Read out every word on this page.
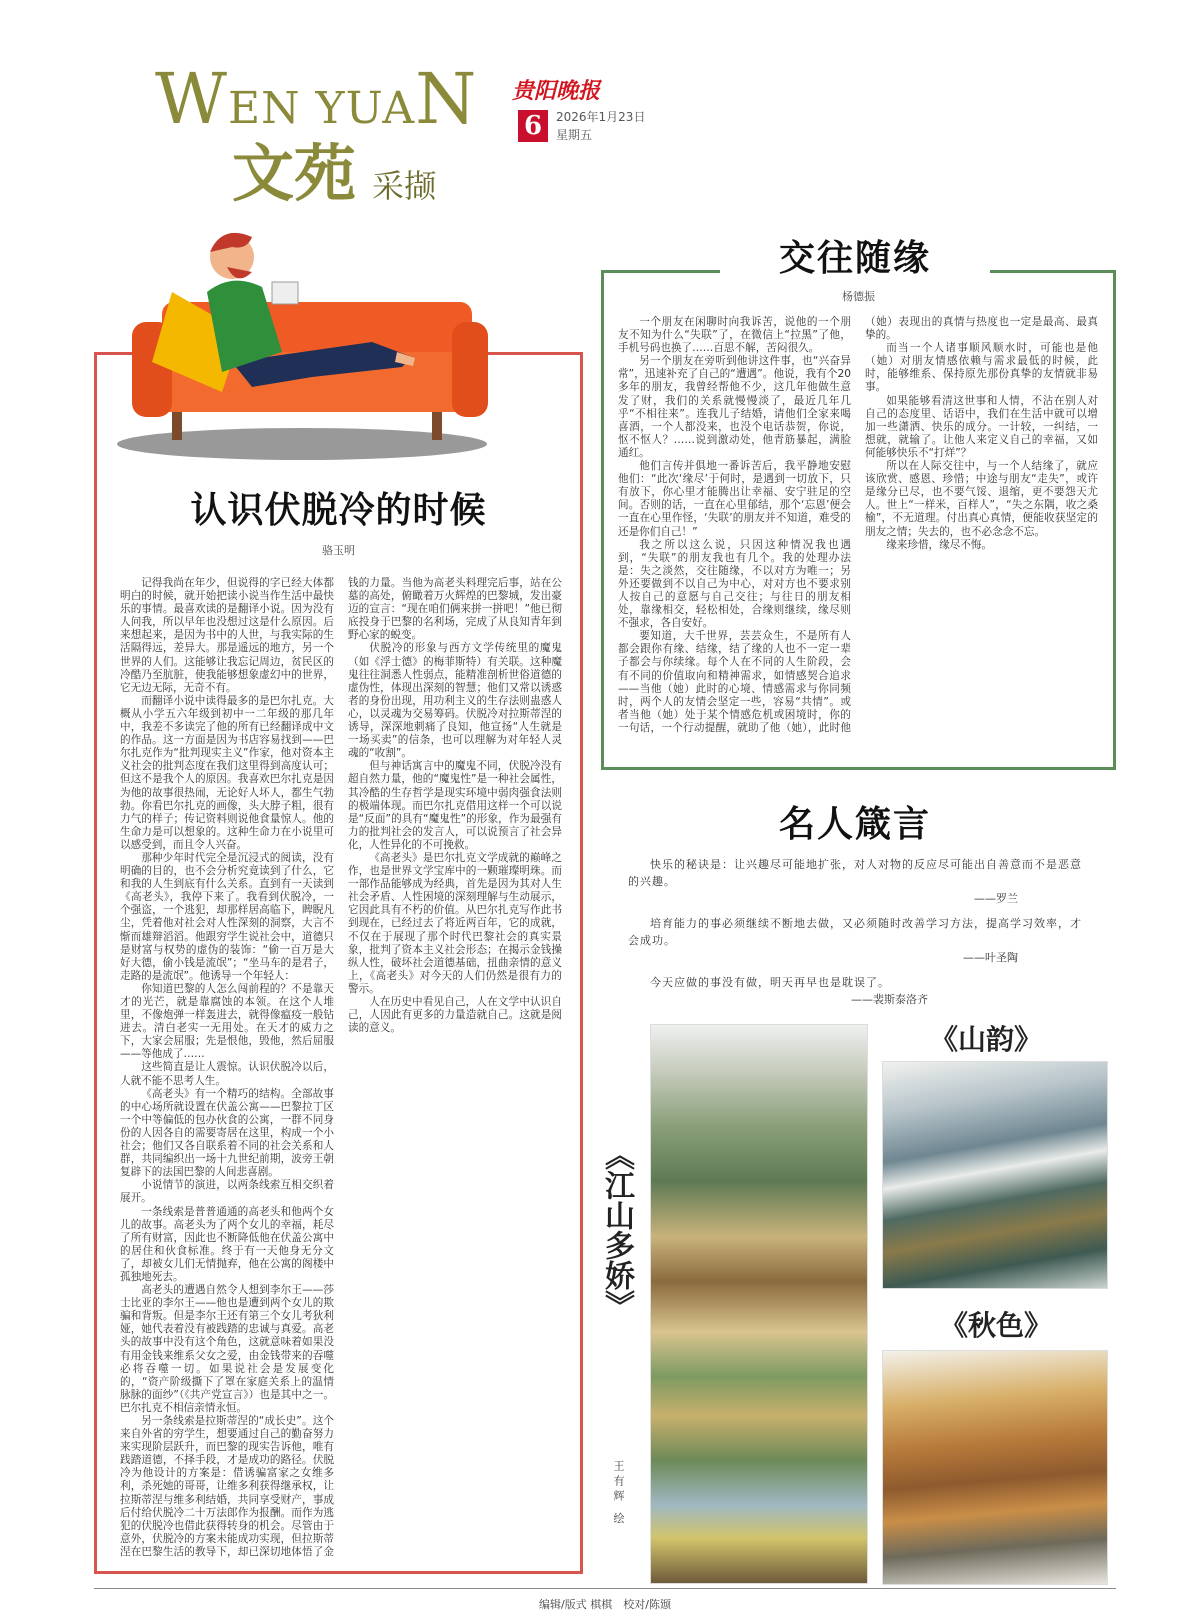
WEN YUAN
文苑 采撷
贵阳晚报
6	2026年1月23日
星期五
认识伏脱冷的时候
骆玉明

记得我尚在年少，但说得的字已经大体都明白的时候，就开始把读小说当作生活中最快乐的事情。最喜欢读的是翻译小说。因为没有人问我，所以早年也没想过这是什么原因。后来想起来，是因为书中的人世，与我实际的生活隔得远，差异大。那是遥远的地方，另一个世界的人们。这能够让我忘记周边，贫民区的冷酷乃至肮脏，使我能够想象虚幻中的世界，它无边无际，无奇不有。

而翻译小说中读得最多的是巴尔扎克。大概从小学五六年级到初中一二年级的那几年中，我差不多读完了他的所有已经翻译成中文的作品。这一方面是因为书店容易找到——巴尔扎克作为“批判现实主义”作家，他对资本主义社会的批判态度在我们这里得到高度认可；但这不是我个人的原因。我喜欢巴尔扎克是因为他的故事很热闹，无论好人坏人，都生气勃勃。你看巴尔扎克的画像，头大脖子粗，很有力气的样子；传记资料则说他食量惊人。他的生命力是可以想象的。这种生命力在小说里可以感受到，而且令人兴奋。

那种少年时代完全是沉浸式的阅读，没有明确的目的，也不会分析究竟读到了什么，它和我的人生到底有什么关系。直到有一天读到《高老头》，我停下来了。我看到伏脱冷，一个强盗，一个逃犯，却那样居高临下，睥睨凡尘，凭着他对社会对人性深刻的洞察，大言不惭而雄辩滔滔。他跟穷学生说社会中，道德只是财富与权势的虚伪的装饰：“偷一百万是大好大德，偷小钱是流氓”；“坐马车的是君子，走路的是流氓”。他诱导一个年轻人：

你知道巴黎的人怎么闯前程的？不是靠天才的光芒，就是靠腐蚀的本领。在这个人堆里，不像炮弹一样轰进去，就得像瘟疫一般钻进去。清白老实一无用处。在天才的威力之下，大家会屈服；先是恨他，毁他，然后屈服——等他成了……

这些简直是让人震惊。认识伏脱冷以后，人就不能不思考人生。

《高老头》有一个精巧的结构。全部故事的中心场所就设置在伏盖公寓——巴黎拉丁区一个中等偏低的包办伙食的公寓，一群不同身份的人因各自的需要寄居在这里，构成一个小社会；他们又各自联系着不同的社会关系和人群，共同编织出一场十九世纪前期，波旁王朝复辟下的法国巴黎的人间悲喜剧。

小说情节的演进，以两条线索互相交织着展开。

一条线索是普普通通的高老头和他两个女儿的故事。高老头为了两个女儿的幸福，耗尽了所有财富，因此也不断降低他在伏盖公寓中的居住和伙食标准。终于有一天他身无分文了，却被女儿们无情抛弃，他在公寓的阁楼中孤独地死去。

高老头的遭遇自然令人想到李尔王——莎士比亚的李尔王——他也是遭到两个女儿的欺骗和背叛。但是李尔王还有第三个女儿考狄利娅，她代表着没有被践踏的忠诚与真爱。高老头的故事中没有这个角色，这就意味着如果没有用金钱来维系父女之爱，由金钱带来的吞噬必将吞噬一切。如果说社会是发展变化的，“资产阶级撕下了罩在家庭关系上的温情脉脉的面纱”（《共产党宣言》）也是其中之一。巴尔扎克不相信亲情永恒。

另一条线索是拉斯蒂涅的“成长史”。这个来自外省的穷学生，想要通过自己的勤奋努力来实现阶层跃升，而巴黎的现实告诉他，唯有践踏道德，不择手段，才是成功的路径。伏脱冷为他设计的方案是：借诱骗富家之女维多利，杀死她的哥哥，让维多利获得继承权，让拉斯蒂涅与维多利结婚，共同享受财产，事成后付给伏脱冷二十万法郎作为报酬。而作为逃犯的伏脱冷也借此获得转身的机会。尽管由于意外，伏脱冷的方案未能成功实现，但拉斯蒂涅在巴黎生活的教导下，却已深切地体悟了金钱的力量。当他为高老头料理完后事，站在公墓的高处，俯瞰着万火辉煌的巴黎城，发出豪迈的宣言：“现在咱们俩来拼一拼吧！”他已彻底投身于巴黎的名利场，完成了从良知青年到野心家的蜕变。

伏脱冷的形象与西方文学传统里的魔鬼（如《浮士德》的梅菲斯特）有关联。这种魔鬼往往洞悉人性弱点，能精准剖析世俗道德的虚伪性，体现出深刻的智慧；他们又常以诱惑者的身份出现，用功利主义的生存法则蛊惑人心，以灵魂为交易筹码。伏脱冷对拉斯蒂涅的诱导，深深地刺痛了良知，他宣扬“人生就是一场买卖”的信条，也可以理解为对年轻人灵魂的“收割”。

但与神话寓言中的魔鬼不同，伏脱冷没有超自然力量，他的“魔鬼性”是一种社会属性，其冷酷的生存哲学是现实环境中弱肉强食法则的极端体现。而巴尔扎克借用这样一个可以说是“反面”的具有“魔鬼性”的形象，作为最强有力的批判社会的发言人，可以说预言了社会异化，人性异化的不可挽救。

《高老头》是巴尔扎克文学成就的巅峰之作，也是世界文学宝库中的一颗璀璨明珠。而一部作品能够成为经典，首先是因为其对人生社会矛盾、人性困境的深刻理解与生动展示，它因此具有不朽的价值。从巴尔扎克写作此书到现在，已经过去了将近两百年，它的成就，不仅在于展现了那个时代巴黎社会的真实景象，批判了资本主义社会形态；在揭示金钱操纵人性，破坏社会道德基础，扭曲亲情的意义上，《高老头》对今天的人们仍然是很有力的警示。

人在历史中看见自己，人在文学中认识自己，人因此有更多的力量造就自己。这就是阅读的意义。

交往随缘
杨德振

一个朋友在闲聊时向我诉苦，说他的一个朋友不知为什么“失联”了，在微信上“拉黑”了他，手机号码也换了……百思不解，苦闷很久。

另一个朋友在旁听到他讲这件事，也“兴奋异常”，迅速补充了自己的“遭遇”。他说，我有个20多年的朋友，我曾经帮他不少，这几年他做生意发了财，我们的关系就慢慢淡了，最近几年几乎“不相往来”。连我儿子结婚，请他们全家来喝喜酒，一个人都没来，也没个电话恭贺，你说，怄不怄人？……说到激动处，他青筋暴起，满脸通红。

他们言传并俱地一番诉苦后，我平静地安慰他们：“此次‘缘尽’于何时，是遇到一切放下，只有放下，你心里才能腾出让幸福、安宁驻足的空间。否则的话，一直在心里郁结，那个‘忘恩’便会一直在心里作怪，‘失联’的朋友并不知道，难受的还是你们自己！”

我之所以这么说，只因这种情况我也遇到，“失联”的朋友我也有几个。我的处理办法是：失之淡然，交往随缘，不以对方为唯一；另外还要做到不以自己为中心，对对方也不要求别人按自己的意愿与自己交往；与往日的朋友相处，靠缘相交，轻松相处，合缘则继续，缘尽则不强求，各自安好。

要知道，大千世界，芸芸众生，不是所有人都会跟你有缘、结缘，结了缘的人也不一定一辈子都会与你续缘。每个人在不同的人生阶段，会有不同的价值取向和精神需求，如情感契合追求——当他（她）此时的心境、情感需求与你同频时，两个人的友情会坚定一些，容易“共情”。或者当他（她）处于某个情感危机或困境时，你的一句话，一个行动提醒，就助了他（她），此时他（她）表现出的真情与热度也一定是最高、最真挚的。

而当一个人诸事顺风顺水时，可能也是他（她）对朋友情感依赖与需求最低的时候，此时，能够维系、保持原先那份真挚的友情就非易事。

如果能够看清这世事和人情，不沾在别人对自己的态度里、话语中，我们在生活中就可以增加一些潇洒、快乐的成分。一计较，一纠结，一想就，就输了。让他人来定义自己的幸福，又如何能够快乐不“打烊”？

所以在人际交往中，与一个人结缘了，就应该欣赏、感恩、珍惜；中途与朋友“走失”，或许是缘分已尽，也不要气馁、退缩，更不要怨天尤人。世上“一样米，百样人”，“失之东隅，收之桑榆”，不无道理。付出真心真情，便能收获坚定的朋友之情；失去的，也不必念念不忘。

缘来珍惜，缘尽不悔。

名人箴言

快乐的秘诀是：让兴趣尽可能地扩张，对人对物的反应尽可能出自善意而不是恶意的兴趣。

——罗兰

培育能力的事必须继续不断地去做，又必须随时改善学习方法，提高学习效率，才会成功。

——叶圣陶

今天应做的事没有做，明天再早也是耽误了。

——裴斯泰洛齐

《江山多娇》
王有辉 绘
《山韵》
《秋色》
编辑/版式 棋棋　校对/陈颋
